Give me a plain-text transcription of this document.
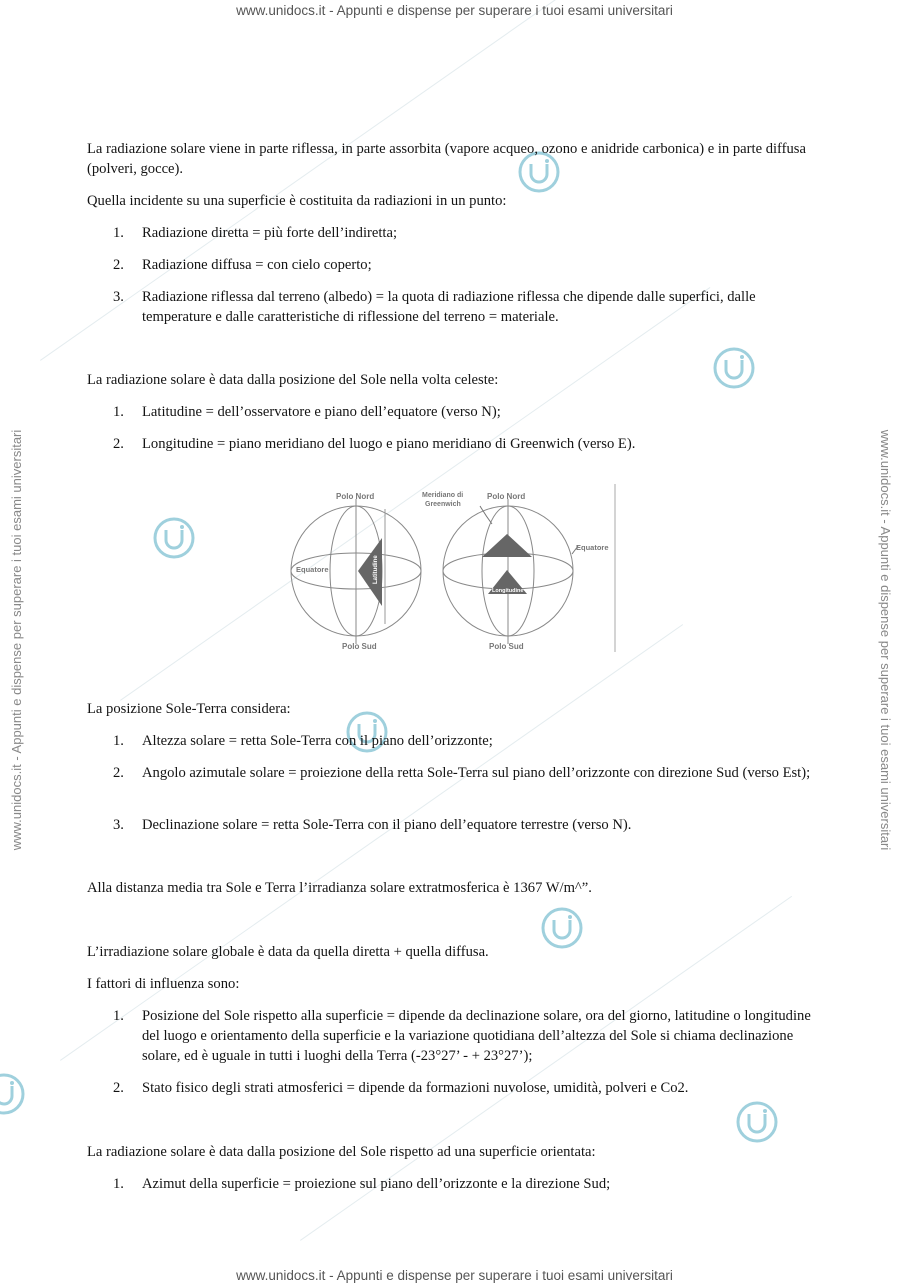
www.unidocs.it - Appunti e dispense per superare i tuoi esami universitari
www.unidocs.it - Appunti e dispense per superare i tuoi esami universitari
www.unidocs.it - Appunti e dispense per superare i tuoi esami universitari	www.unidocs.it - Appunti e dispense per superare i tuoi esami universitari
La radiazione solare viene in parte riflessa, in parte assorbita (vapore acqueo, ozono e anidride carbonica) e in parte diffusa (polveri, gocce).
Quella incidente su una superficie è costituita da radiazioni in un punto:
1. Radiazione diretta = più forte dell’indiretta;
2. Radiazione diffusa = con cielo coperto;
3. Radiazione riflessa dal terreno (albedo) = la quota di radiazione riflessa che dipende dalle superfici, dalle temperature e dalle caratteristiche di riflessione del terreno = materiale.
La radiazione solare è data dalla posizione del Sole nella volta celeste:
1. Latitudine = dell’osservatore e piano dell’equatore (verso N);
2. Longitudine = piano meridiano del luogo e piano meridiano di Greenwich (verso E).
Polo Nord
Polo Sud
Equatore	Latitudine
Polo Nord
Polo Sud
Equatore
Meridiano di
Greenwich
Longitudine
La posizione Sole-Terra considera:
1. Altezza solare = retta Sole-Terra con il piano dell’orizzonte;
2. Angolo azimutale solare = proiezione della retta Sole-Terra sul piano dell’orizzonte con direzione Sud (verso Est);
3. Declinazione solare = retta Sole-Terra con il piano dell’equatore terrestre (verso N).
Alla distanza media tra Sole e Terra l’irradianza solare extratmosferica è 1367 W/m^”.
L’irradiazione solare globale è data da quella diretta + quella diffusa.
I fattori di influenza sono:
1. Posizione del Sole rispetto alla superficie = dipende da declinazione solare, ora del giorno, latitudine o longitudine del luogo e orientamento della superficie e la variazione quotidiana dell’altezza del Sole si chiama declinazione solare, ed è uguale in tutti i luoghi della Terra (-23°27’ - + 23°27’);
2. Stato fisico degli strati atmosferici = dipende da formazioni nuvolose, umidità, polveri e Co2.
La radiazione solare è data dalla posizione del Sole rispetto ad una superficie orientata:
1. Azimut della superficie = proiezione sul piano dell’orizzonte e la direzione Sud;
